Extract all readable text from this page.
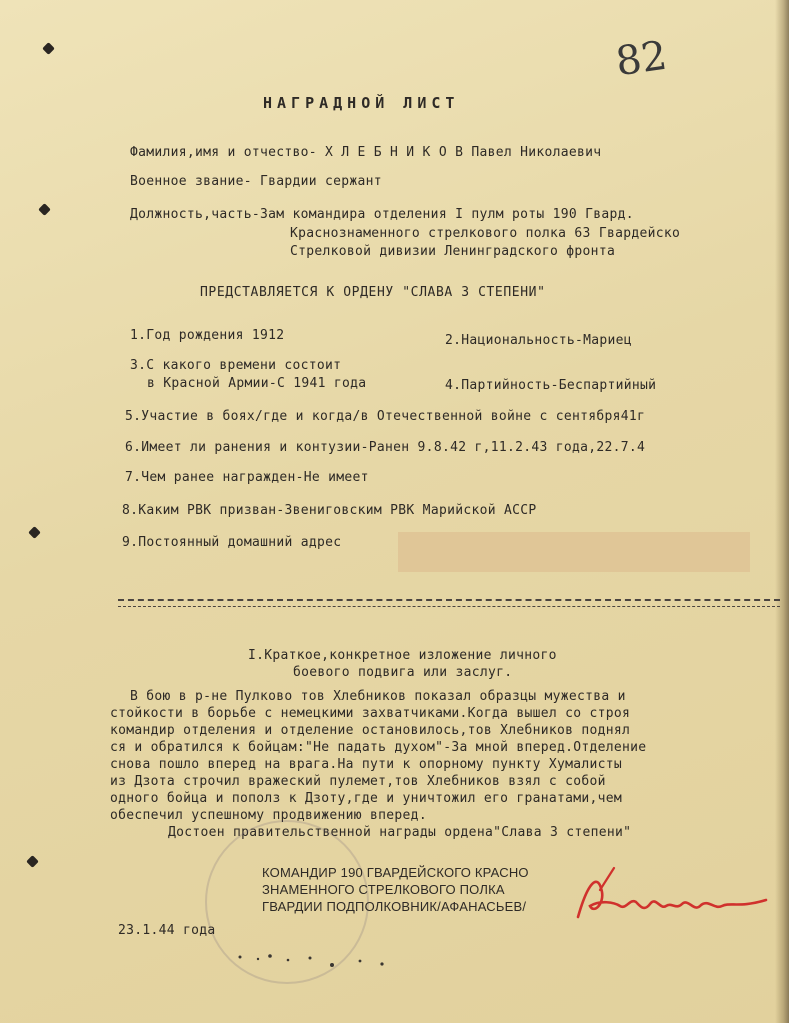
82
НАГРАДНОЙ ЛИСТ
Фамилия,имя и отчество- Х Л Е Б Н И К О В Павел Николаевич
Военное звание- Гвардии сержант
Должность,часть-Зам командира отделения I пулм роты 190 Гвард.
Краснознаменного стрелкового полка 63 Гвардейско
Стрелковой дивизии Ленинградского фронта
ПРЕДСТАВЛЯЕТСЯ К ОРДЕНУ "СЛАВА 3 СТЕПЕНИ"
1.Год рождения 1912	2.Национальность-Мариец
3.С какого времени состоит
в Красной Армии-С 1941 года	4.Партийность-Беспартийный
5.Участие в боях/где и когда/в Отечественной войне с сентября41г
6.Имеет ли ранения и контузии-Ранен 9.8.42 г,11.2.43 года,22.7.4
7.Чем ранее награжден-Не имеет
8.Каким РВК призван-Звениговским РВК Марийской АССР
9.Постоянный домашний адрес
I.Краткое,конкретное изложение личного
боевого подвига или заслуг.
В бою в р-не Пулково тов Хлебников показал образцы мужества и
стойкости в борьбе с немецкими захватчиками.Когда вышел со строя
командир отделения и отделение остановилось,тов Хлебников поднял
ся и обратился к бойцам:"Не падать духом"-За мной вперед.Отделение
снова пошло вперед на врага.На пути к опорному пункту Хумалисты
из Дзота строчил вражеский пулемет,тов Хлебников взял с собой
одного бойца и пополз к Дзоту,где и уничтожил его гранатами,чем
обеспечил успешному продвижению вперед.
Достоен правительственной награды ордена"Слава 3 степени"
КОМАНДИР 190 ГВАРДЕЙСКОГО КРАСНО
ЗНАМЕННОГО СТРЕЛКОВОГО ПОЛКА
ГВАРДИИ ПОДПОЛКОВНИК/АФАНАСЬЕВ/
23.1.44 года
